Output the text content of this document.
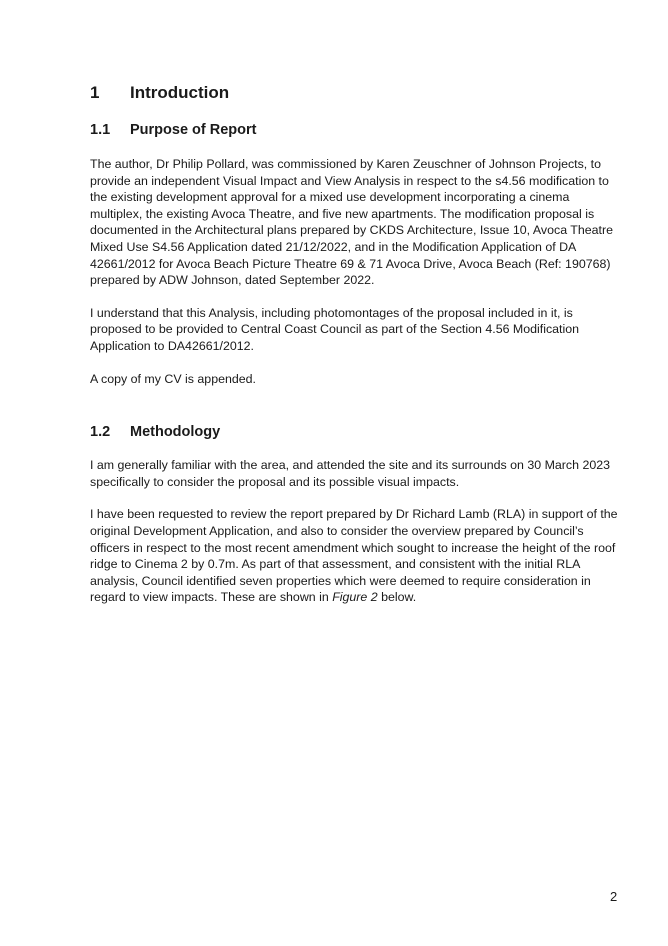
1	Introduction
1.1	Purpose of Report

The author, Dr Philip Pollard, was commissioned by Karen Zeuschner of Johnson Projects, to provide an independent Visual Impact and View Analysis in respect to the s4.56 modification to the existing development approval for a mixed use development incorporating a cinema multiplex, the existing Avoca Theatre, and five new apartments. The modification proposal is documented in the Architectural plans prepared by CKDS Architecture, Issue 10, Avoca Theatre Mixed Use S4.56 Application dated 21/12/2022, and in the Modification Application of DA 42661/2012 for Avoca Beach Picture Theatre 69 & 71 Avoca Drive, Avoca Beach (Ref: 190768) prepared by ADW Johnson, dated September 2022.

I understand that this Analysis, including photomontages of the proposal included in it, is proposed to be provided to Central Coast Council as part of the Section 4.56 Modification Application to DA42661/2012.

A copy of my CV is appended.

1.2	Methodology

I am generally familiar with the area, and attended the site and its surrounds on 30 March 2023 specifically to consider the proposal and its possible visual impacts.

I have been requested to review the report prepared by Dr Richard Lamb (RLA) in support of the original Development Application, and also to consider the overview prepared by Council’s officers in respect to the most recent amendment which sought to increase the height of the roof ridge to Cinema 2 by 0.7m. As part of that assessment, and consistent with the initial RLA analysis, Council identified seven properties which were deemed to require consideration in regard to view impacts. These are shown in Figure 2 below.

2
